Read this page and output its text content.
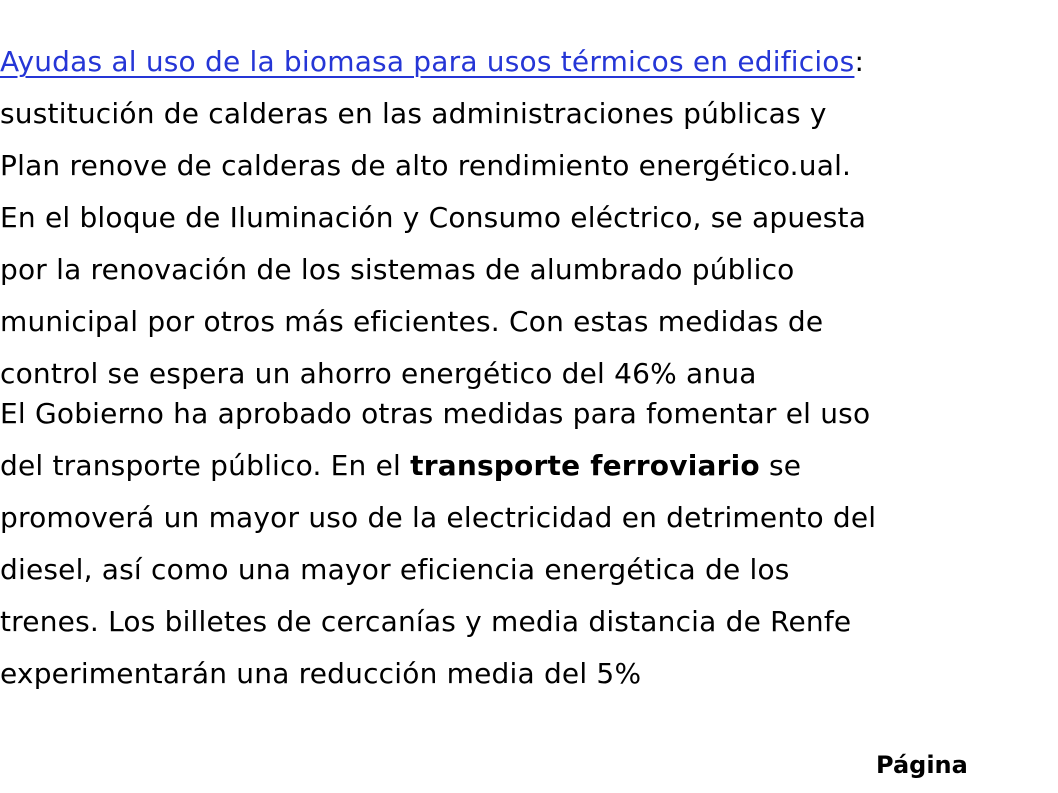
Ayudas al uso de la biomasa para usos térmicos en edificios:
sustitución de calderas en las administraciones públicas y
Plan renove de calderas de alto rendimiento energético.ual.
En el bloque de Iluminación y Consumo eléctrico, se apuesta
por la renovación de los sistemas de alumbrado público
municipal por otros más eficientes. Con estas medidas de
control se espera un ahorro energético del 46% anua
El Gobierno ha aprobado otras medidas para fomentar el uso
del transporte público. En el transporte ferroviario se
promoverá un mayor uso de la electricidad en detrimento del
diesel, así como una mayor eficiencia energética de los
trenes. Los billetes de cercanías y media distancia de Renfe
experimentarán una reducción media del 5%
Página
